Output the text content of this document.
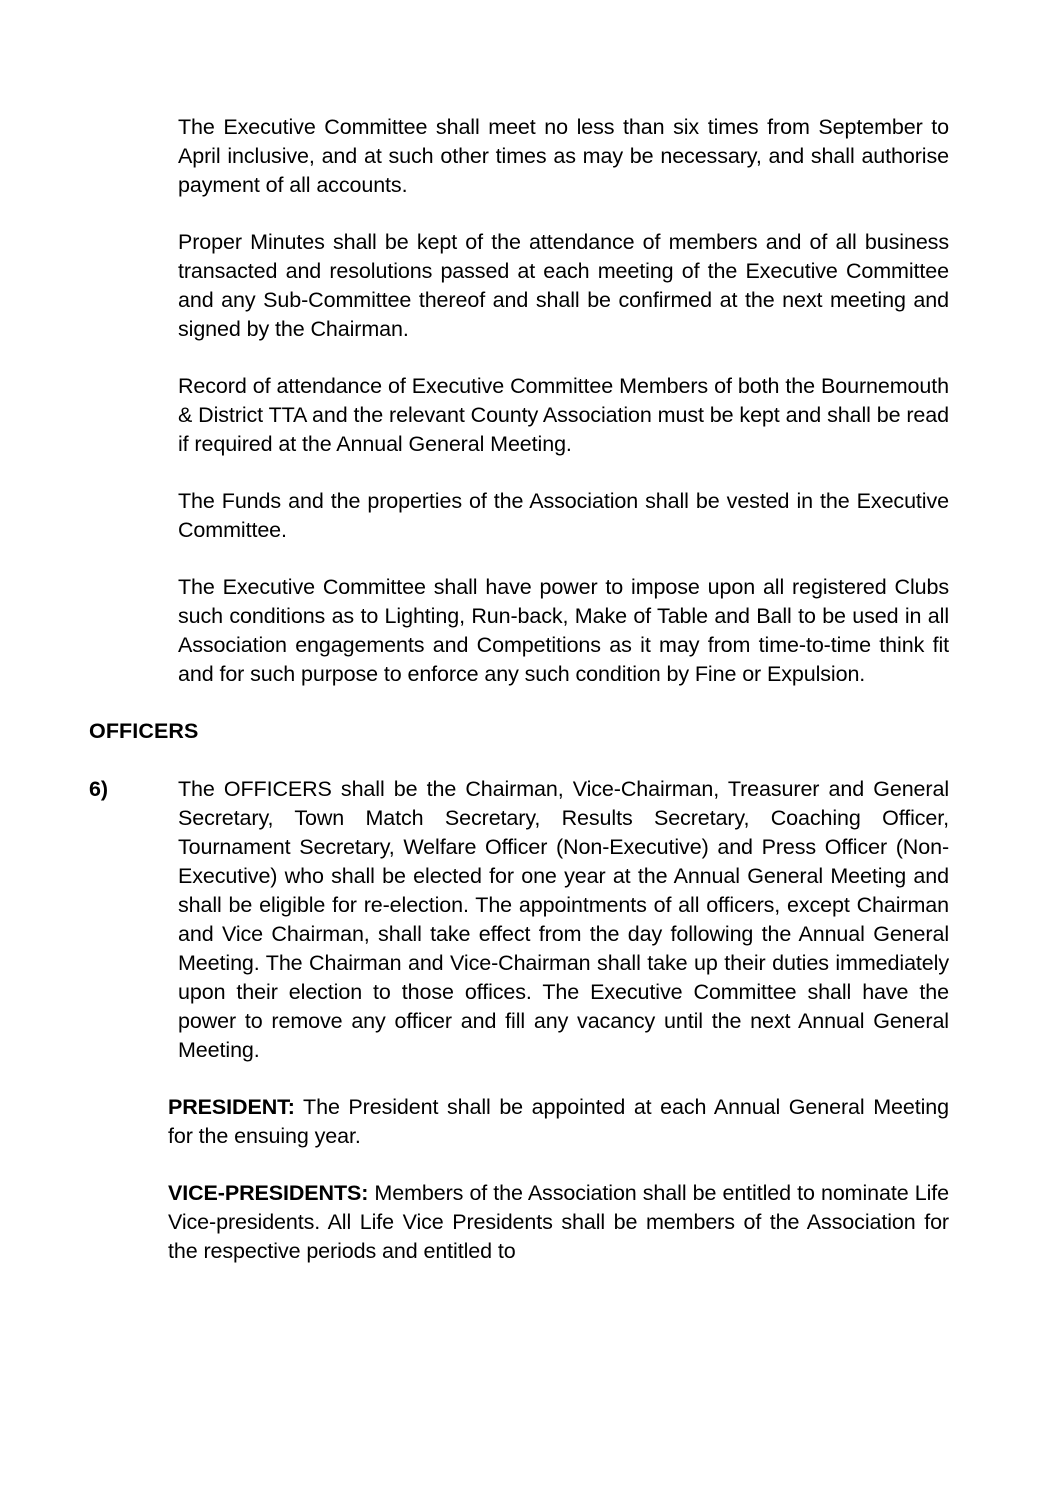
The Executive Committee shall meet no less than six times from September to April inclusive, and at such other times as may be necessary, and shall authorise payment of all accounts.

Proper Minutes shall be kept of the attendance of members and of all business transacted and resolutions passed at each meeting of the Executive Committee and any Sub-Committee thereof and shall be confirmed at the next meeting and signed by the Chairman.

Record of attendance of Executive Committee Members of both the Bournemouth & District TTA and the relevant County Association must be kept and shall be read if required at the Annual General Meeting.

The Funds and the properties of the Association shall be vested in the Executive Committee.

The Executive Committee shall have power to impose upon all registered Clubs such conditions as to Lighting, Run-back, Make of Table and Ball to be used in all Association engagements and Competitions as it may from time-to-time think fit and for such purpose to enforce any such condition by Fine or Expulsion.

OFFICERS
6)	The OFFICERS shall be the Chairman, Vice-Chairman, Treasurer and General Secretary, Town Match Secretary, Results Secretary, Coaching Officer, Tournament Secretary, Welfare Officer (Non-Executive) and Press Officer (Non-Executive) who shall be elected for one year at the Annual General Meeting and shall be eligible for re-election. The appointments of all officers, except Chairman and Vice Chairman, shall take effect from the day following the Annual General Meeting. The Chairman and Vice-Chairman shall take up their duties immediately upon their election to those offices. The Executive Committee shall have the power to remove any officer and fill any vacancy until the next Annual General Meeting.

PRESIDENT: The President shall be appointed at each Annual General Meeting for the ensuing year.

VICE-PRESIDENTS: Members of the Association shall be entitled to nominate Life Vice-presidents. All Life Vice Presidents shall be members of the Association for the respective periods and entitled to
